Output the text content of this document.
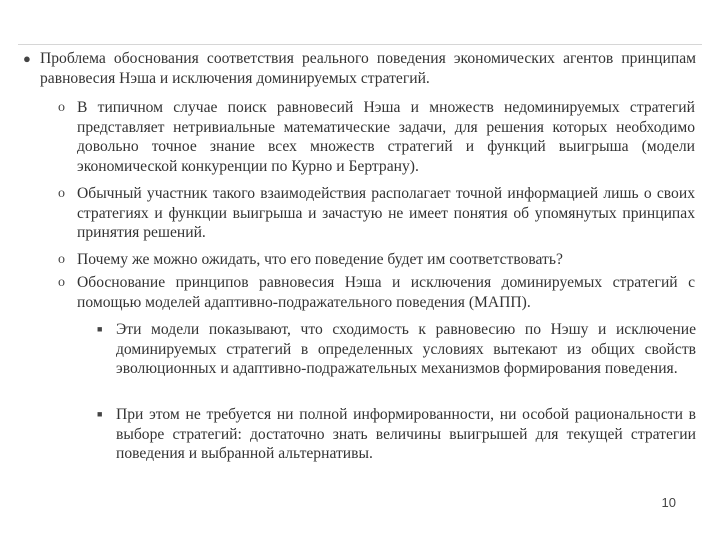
● Проблема обоснования соответствия реального поведения экономических агентов принципам равновесия Нэша и исключения доминируемых стратегий.
o В типичном случае поиск равновесий Нэша и множеств недоминируемых стратегий представляет нетривиальные математические задачи, для решения которых необходимо довольно точное знание всех множеств стратегий и функций выигрыша (модели экономической конкуренции по Курно и Бертрану).
o Обычный участник такого взаимодействия располагает точной информацией лишь о своих стратегиях и функции выигрыша и зачастую не имеет понятия об упомянутых принципах принятия решений.
o Почему же можно ожидать, что его поведение будет им соответствовать?
o Обоснование принципов равновесия Нэша и исключения доминируемых стратегий с помощью моделей адаптивно-подражательного поведения (МАПП).
■ Эти модели показывают, что сходимость к равновесию по Нэшу и исключение доминируемых стратегий в определенных условиях вытекают из общих свойств эволюционных и адаптивно-подражательных механизмов формирования поведения.
■ При этом не требуется ни полной информированности, ни особой рациональности в выборе стратегий: достаточно знать величины выигрышей для текущей стратегии поведения и выбранной альтернативы.
10
